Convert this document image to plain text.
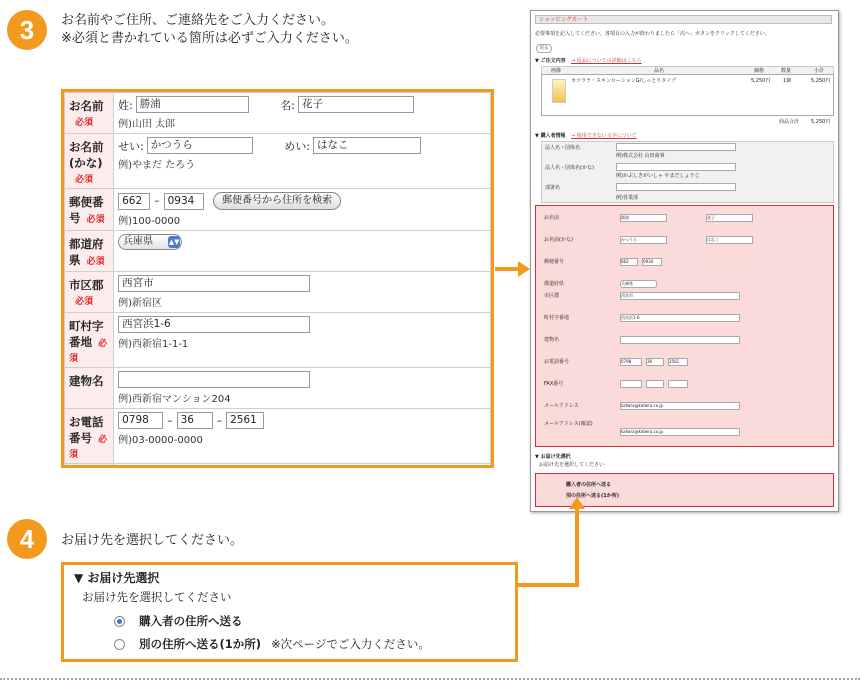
3	お名前やご住所、ご連絡先をご入力ください。
※必須と書かれている箇所は必ずご入力ください。
4	お届け先を選択してください。
お名前必須	姓: 勝浦 名: 花子
例)山田 太郎

お名前(かな)必須	せい: かつうら めい: はなこ
例)やまだ たろう

郵便番号 必須	662 – 0934 郵便番号から住所を検索
例)100-0000

都道府県 必須	兵庫県 ▲▼

市区郡必須	西宮市
例)新宿区

町村字番地 必須	西宮浜1-6
例)西新宿1-1-1

建物名	例)西新宿マンション204

お電話番号 必須	0798 – 36 – 2561
例)03-0000-0000

▼ お届け先選択
お届け先を選択してください
購入者の住所へ送る
別の住所へ送る(1か所) ※次ページでご入力ください。
ショッピングカート
必要事項を記入してください。各項目の入力が終わりましたら「次へ」ボタンをクリックしてください。
戻る
▼ ご注文内容 → 返品についての詳細はこちら
画像	品名	価格	数量	小計
カツウラ・スキンローションG/しっとりタイプ	5,250円	1個	5,250円
商品合計 5,250円
▼ 購入者情報 → 使用できない文字について
法人名・団体名
例)株式会社 山田商事
法人名・団体名(かな)
例)かぶしきがいしゃ やまだしょうじ
部署名
例)営業部
お名前	勝浦	花子
お名前(かな)	かつうら	はなこ
郵便番号	662	0934
都道府県	兵庫県
市区郡	西宮市
町村字番地	西宮浜1-6
建物名
お電話番号	0798	36	2561
FAX番号
メールアドレス	katwra@katwra.co.jp
メールアドレス(確認)
katwra@katwra.co.jp
▼ お届け先選択
お届け先を選択してください
購入者の住所へ送る
別の住所へ送る(1か所)
